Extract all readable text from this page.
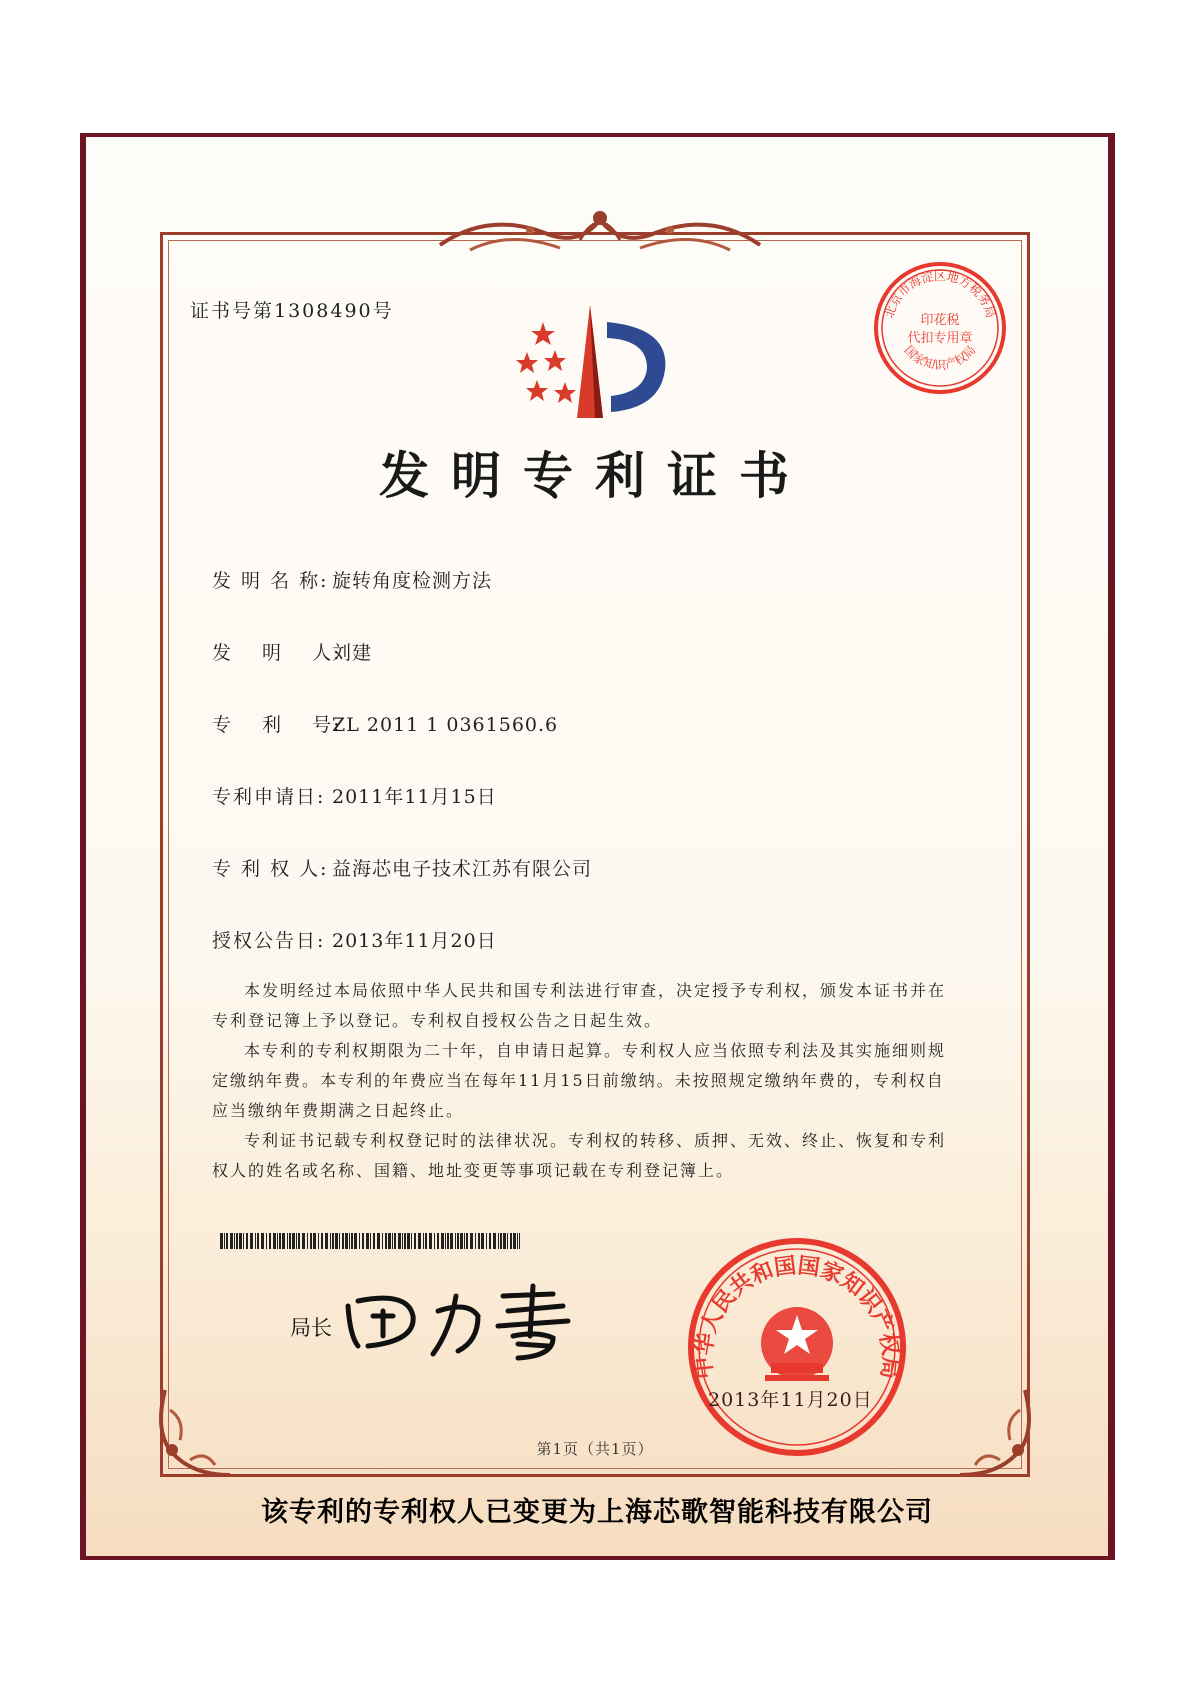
证书号第1308490号	北京市海淀区地方税务局
国家知识产权局
印花税
代扣专用章
发明专利证书
发 明 名 称: 旋转角度检测方法
发　 明　 人:刘建
专　 利　 号:ZL 2011 1 0361560.6
专利申请日: 2011年11月15日
专 利 权 人: 益海芯电子技术江苏有限公司
授权公告日: 2013年11月20日
本发明经过本局依照中华人民共和国专利法进行审查，决定授予专利权，颁发本证书并在专利登记簿上予以登记。专利权自授权公告之日起生效。
本专利的专利权期限为二十年，自申请日起算。专利权人应当依照专利法及其实施细则规定缴纳年费。本专利的年费应当在每年11月15日前缴纳。未按照规定缴纳年费的，专利权自应当缴纳年费期满之日起终止。
专利证书记载专利权登记时的法律状况。专利权的转移、质押、无效、终止、恢复和专利权人的姓名或名称、国籍、地址变更等事项记载在专利登记簿上。
局长
中华人民共和国国家知识产权局
2013年11月20日
第1页（共1页）
该专利的专利权人已变更为上海芯歌智能科技有限公司
